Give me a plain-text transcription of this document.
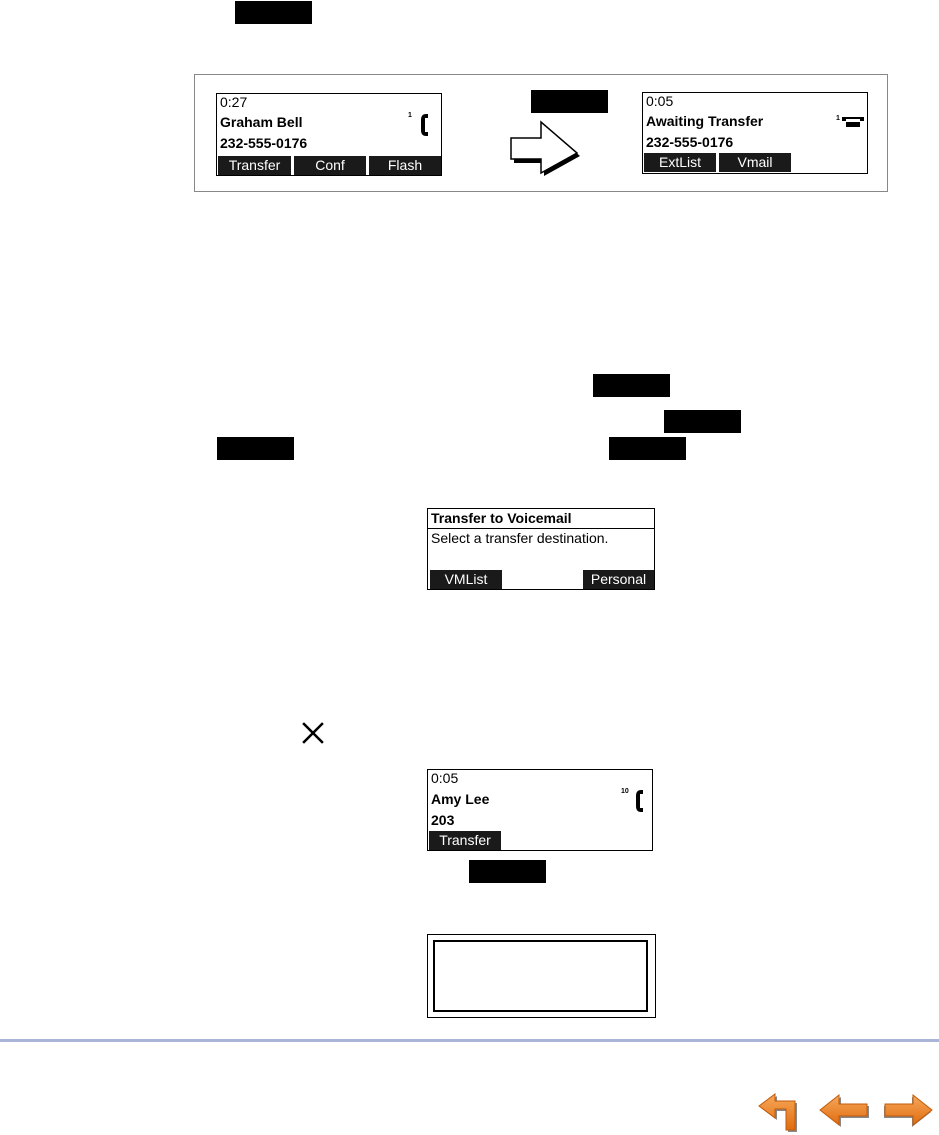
0:27
Graham Bell
232-555-0176
1
Transfer	Conf	Flash
0:05
Awaiting Transfer
232-555-0176
1
ExtList	Vmail
Transfer to Voicemail
Select a transfer destination.
VMList	Personal
0:05
Amy Lee
203
10
Transfer
